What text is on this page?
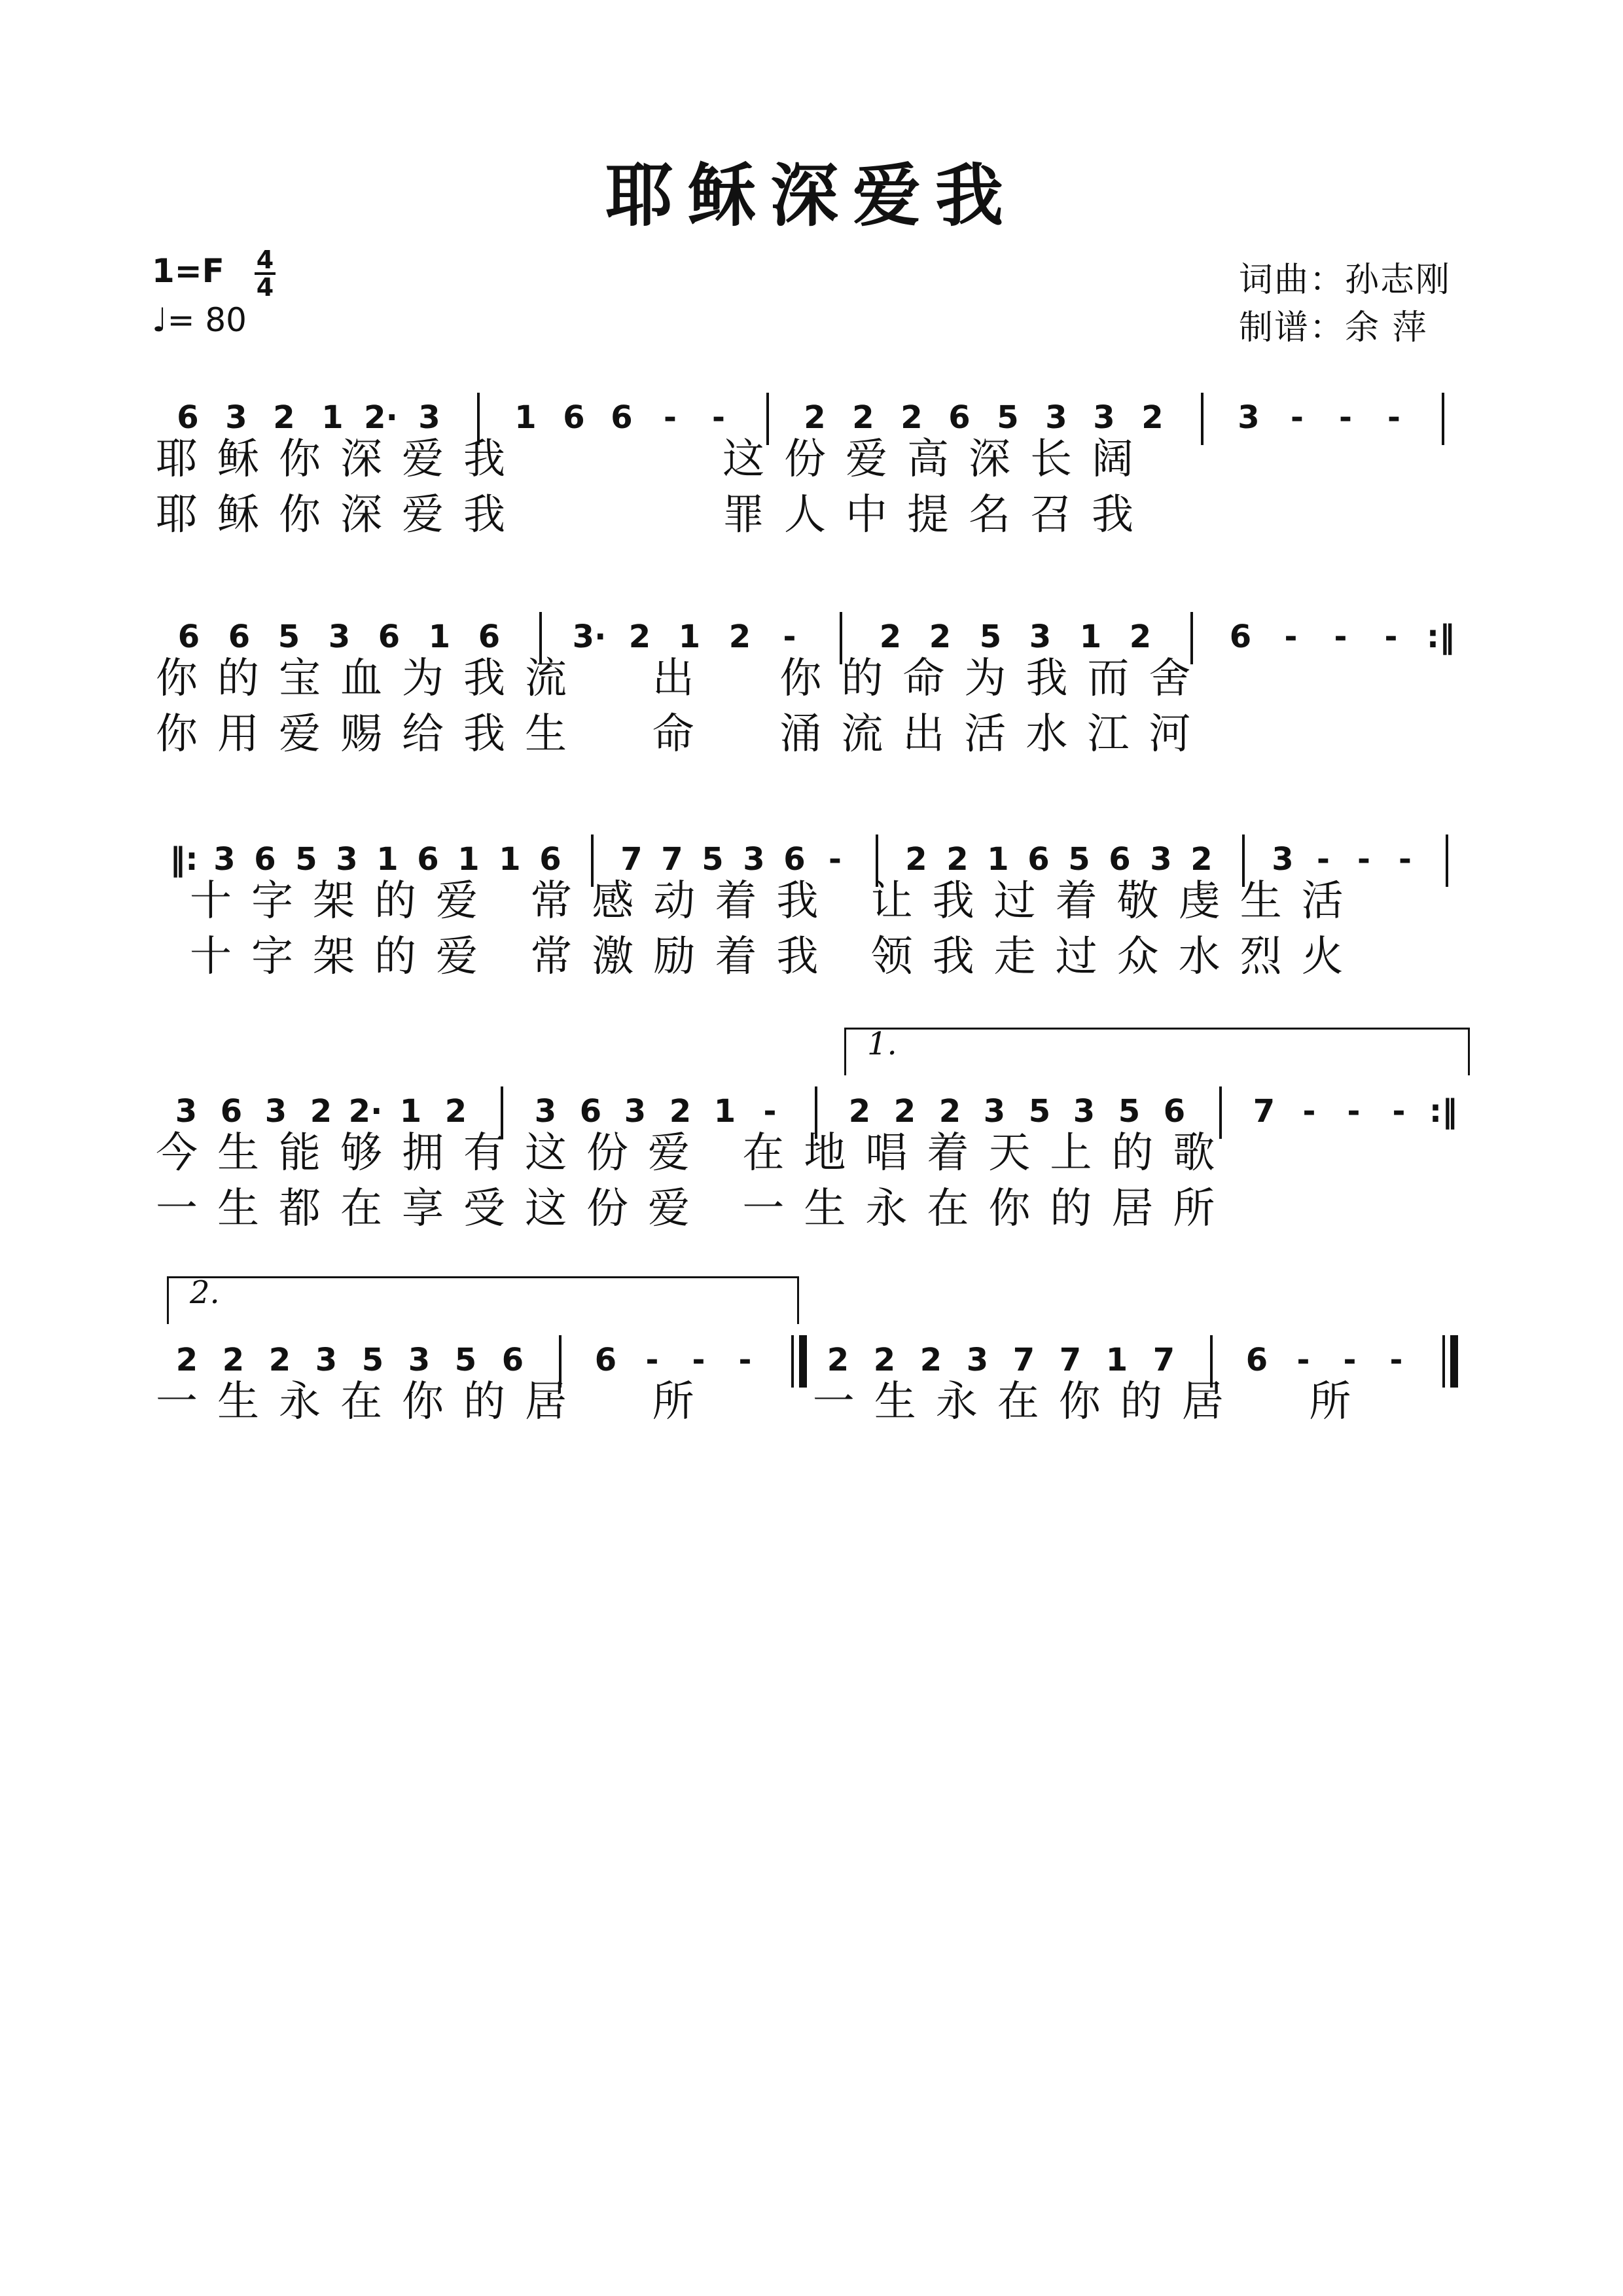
耶稣深爱我
1=F 4
4
♩= 80
词曲：孙志刚
制谱：余 萍
6 3 2 1 2· 3	1 6 6 -	-	2 2 2 6 5 3 3 2	3 -	-	-
耶稣你深爱我      这份爱高深长阔
耶稣你深爱我      罪人中提名召我
6 6 5 3 6 1 6	3· 2 1 2	-	2 2 5 3 1 2	6	-	-	- :‖
你的宝血为我流  出  你的命为我而舍
你用爱赐给我生  命  涌流出活水江河
‖: 3 6 5 3 1 6 1 1 6 7 7 5 3 6 -	2 2 1 6 5 6 3 2 3 - - -
十字架的爱 常感动着我 让我过着敬虔生活
十字架的爱 常激励着我 领我走过众水烈火
1.
3 6 3 2 2· 1 2	3 6 3 2 1 -	2 2 2 3 5 3 5 6	7 -	-	- :‖
今生能够拥有这份爱 在地唱着天上的歌
一生都在享受这份爱 一生永在你的居所
2.
2 2 2 3 5 3 5 6	6 -	-	-	2 2 2 3 7 7 1 7	6 -	-	-
一生永在你的居  所   一生永在你的居  所
